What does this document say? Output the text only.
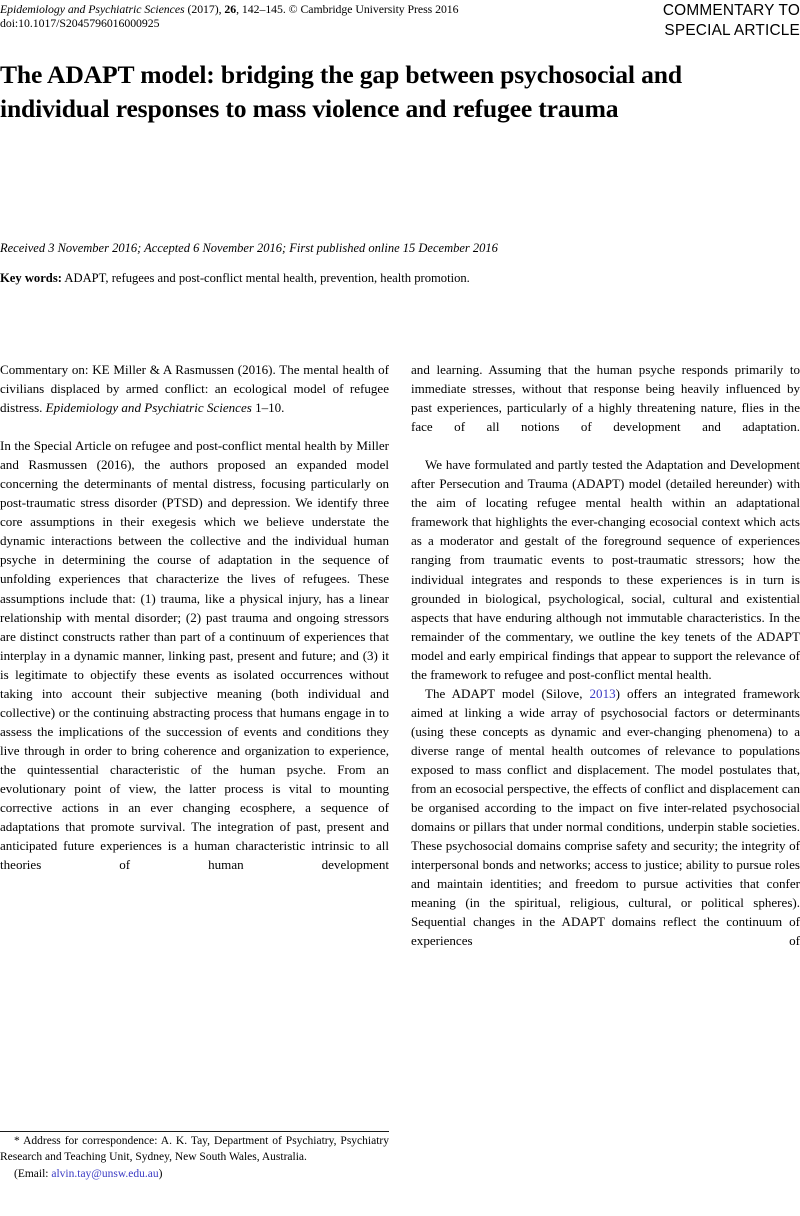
Epidemiology and Psychiatric Sciences (2017), 26, 142–145. © Cambridge University Press 2016
doi:10.1017/S2045796016000925
COMMENTARY TO
SPECIAL ARTICLE
The ADAPT model: bridging the gap between psychosocial and individual responses to mass violence and refugee trauma
Received 3 November 2016; Accepted 6 November 2016; First published online 15 December 2016
Key words: ADAPT, refugees and post-conflict mental health, prevention, health promotion.

Commentary on: KE Miller & A Rasmussen (2016). The mental health of civilians displaced by armed conflict: an ecological model of refugee distress. Epidemiology and Psychiatric Sciences 1–10.

In the Special Article on refugee and post-conflict mental health by Miller and Rasmussen (2016), the authors proposed an expanded model concerning the determinants of mental distress, focusing particularly on post-traumatic stress disorder (PTSD) and depression. We identify three core assumptions in their exegesis which we believe understate the dynamic interactions between the collective and the individual human psyche in determining the course of adaptation in the sequence of unfolding experiences that characterize the lives of refugees. These assumptions include that: (1) trauma, like a physical injury, has a linear relationship with mental disorder; (2) past trauma and ongoing stressors are distinct constructs rather than part of a continuum of experiences that interplay in a dynamic manner, linking past, present and future; and (3) it is legitimate to objectify these events as isolated occurrences without taking into account their subjective meaning (both individual and collective) or the continuing abstracting process that humans engage in to assess the implications of the succession of events and conditions they live through in order to bring coherence and organization to experience, the quintessential characteristic of the human psyche. From an evolutionary point of view, the latter process is vital to mounting corrective actions in an ever changing ecosphere, a sequence of adaptations that promote survival. The integration of past, present and anticipated future experiences is a human characteristic intrinsic to all theories of human development

and learning. Assuming that the human psyche responds primarily to immediate stresses, without that response being heavily influenced by past experiences, particularly of a highly threatening nature, flies in the face of all notions of development and adaptation.

We have formulated and partly tested the Adaptation and Development after Persecution and Trauma (ADAPT) model (detailed hereunder) with the aim of locating refugee mental health within an adaptational framework that highlights the ever-changing ecosocial context which acts as a moderator and gestalt of the foreground sequence of experiences ranging from traumatic events to post-traumatic stressors; how the individual integrates and responds to these experiences is in turn is grounded in biological, psychological, social, cultural and existential aspects that have enduring although not immutable characteristics. In the remainder of the commentary, we outline the key tenets of the ADAPT model and early empirical findings that appear to support the relevance of the framework to refugee and post-conflict mental health.

The ADAPT model (Silove, 2013) offers an integrated framework aimed at linking a wide array of psychosocial factors or determinants (using these concepts as dynamic and ever-changing phenomena) to a diverse range of mental health outcomes of relevance to populations exposed to mass conflict and displacement. The model postulates that, from an ecosocial perspective, the effects of conflict and displacement can be organised according to the impact on five inter-related psychosocial domains or pillars that under normal conditions, underpin stable societies. These psychosocial domains comprise safety and security; the integrity of interpersonal bonds and networks; access to justice; ability to pursue roles and maintain identities; and freedom to pursue activities that confer meaning (in the spiritual, religious, cultural, or political spheres). Sequential changes in the ADAPT domains reflect the continuum of experiences of

* Address for correspondence: A. K. Tay, Department of Psychiatry, Psychiatry Research and Teaching Unit, Sydney, New South Wales, Australia.

(Email: alvin.tay@unsw.edu.au)
